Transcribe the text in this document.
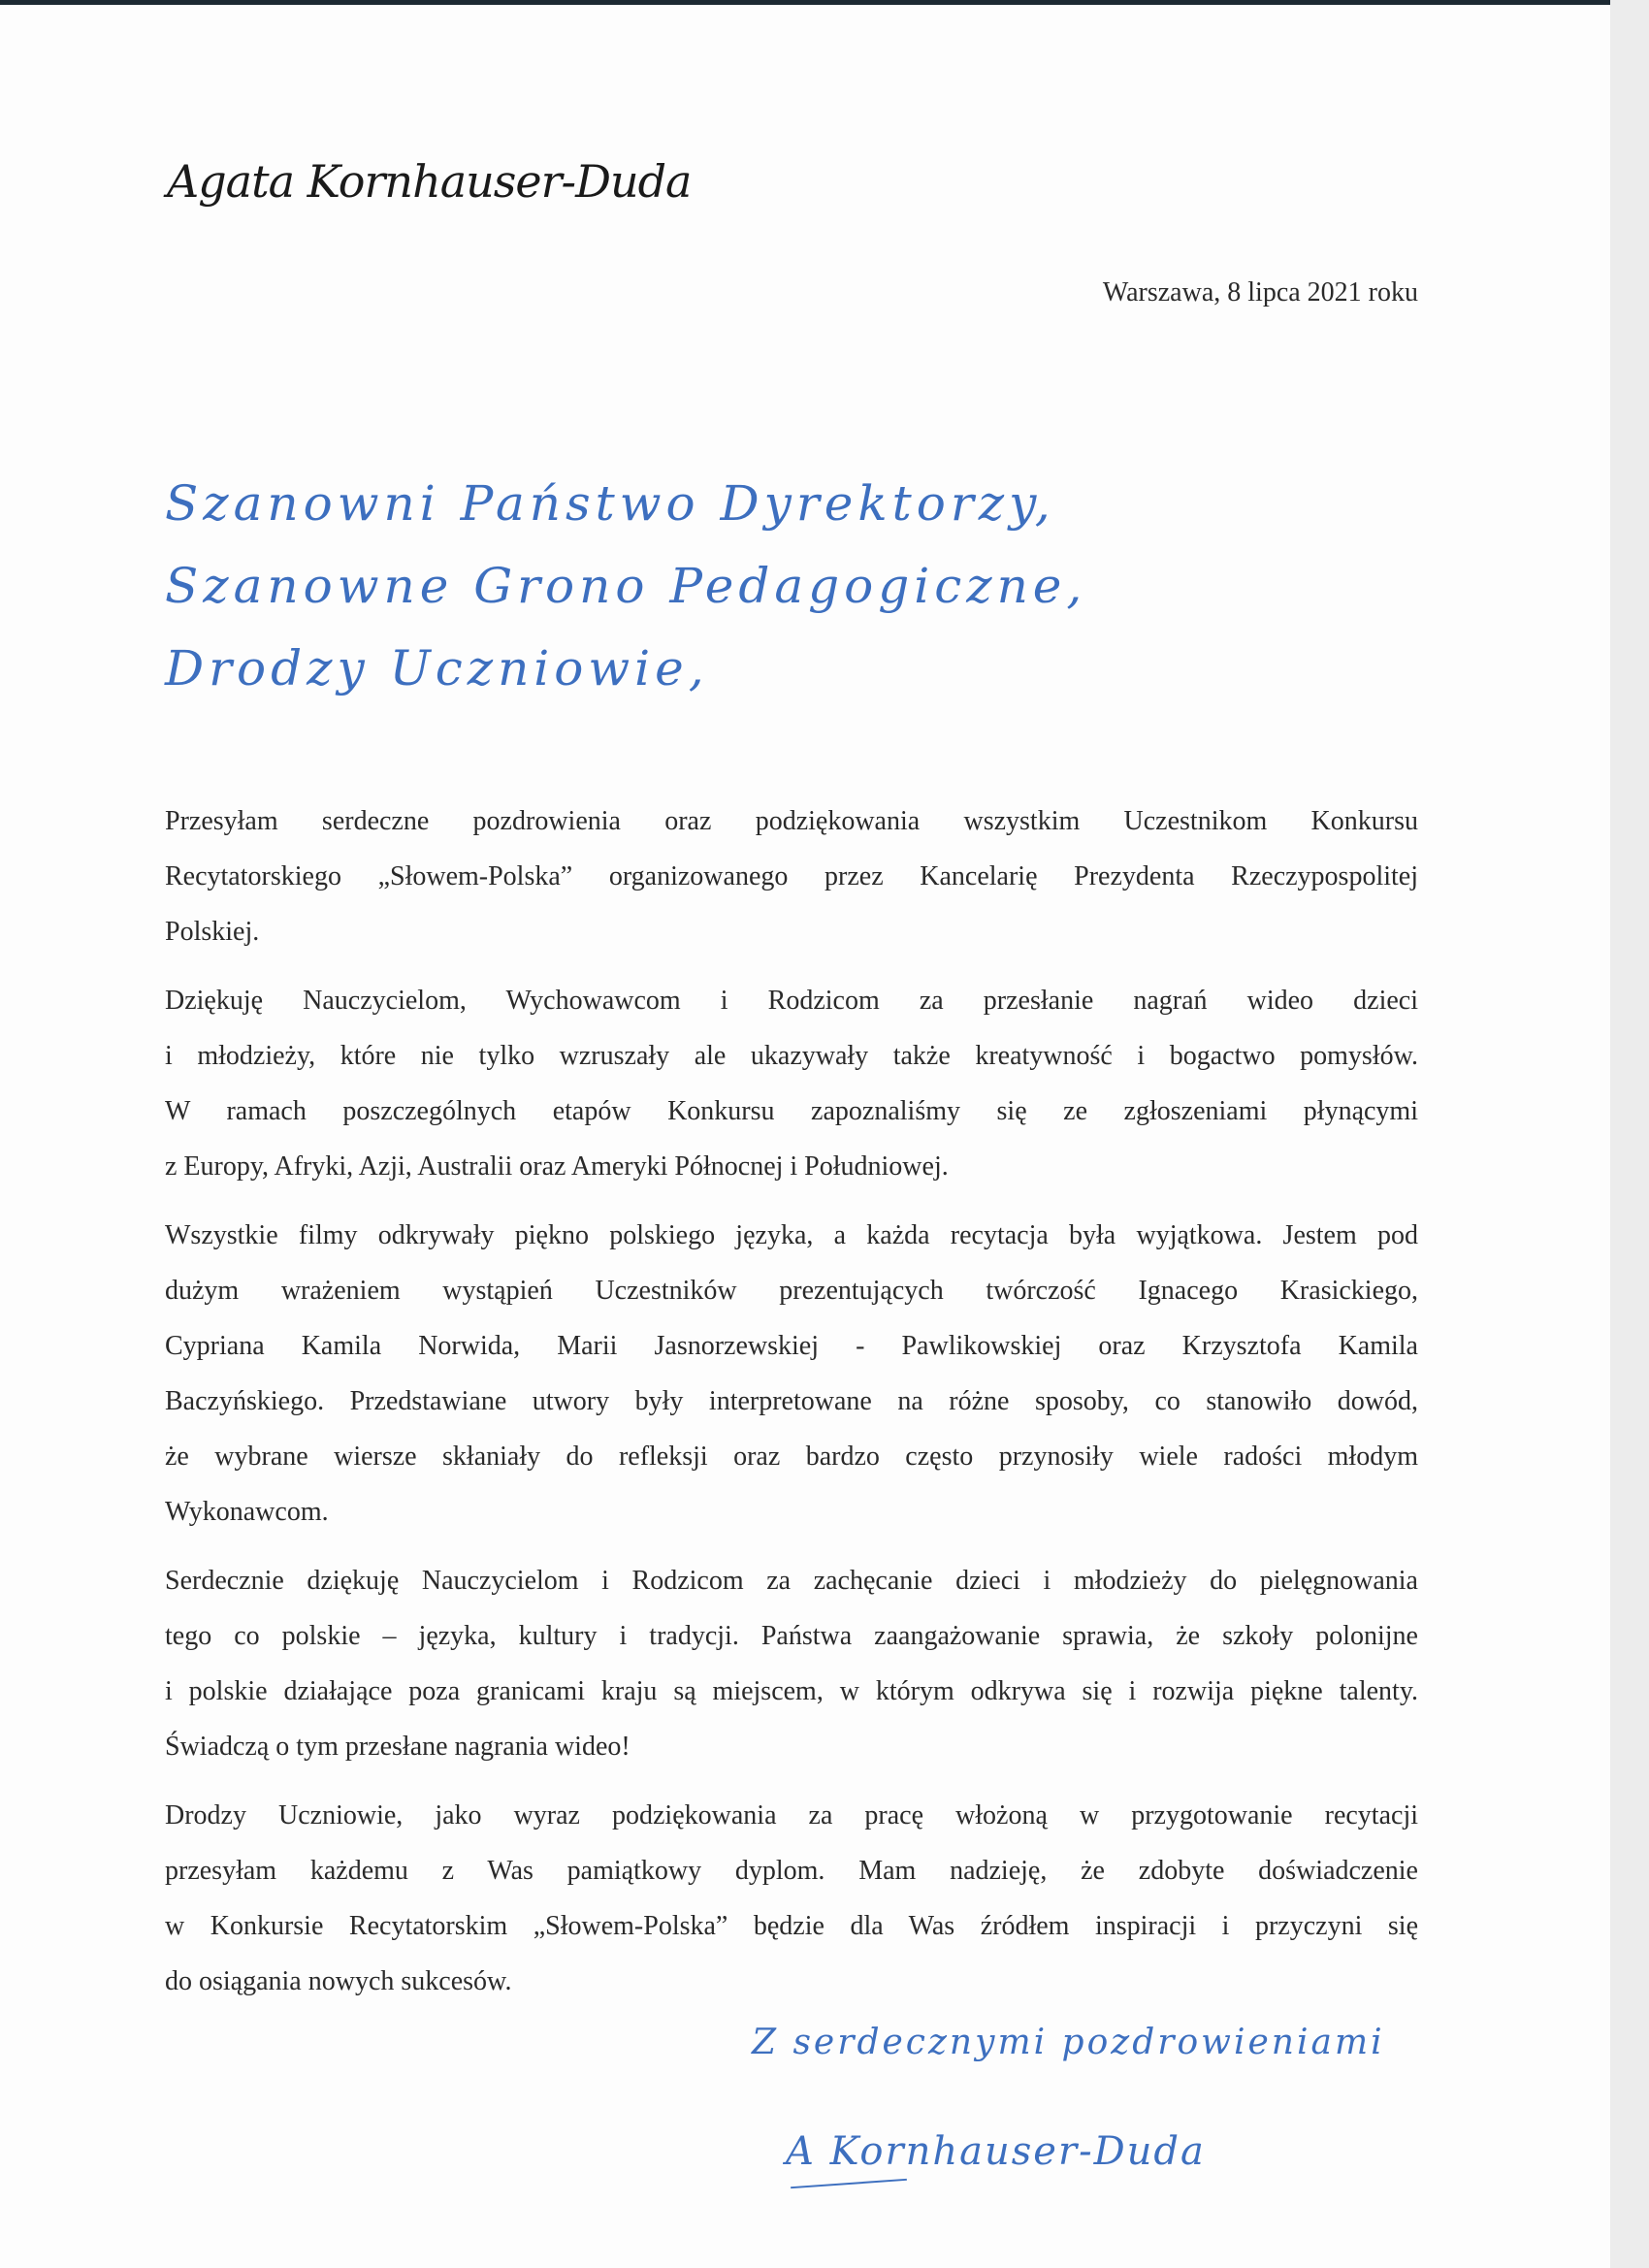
Agata Kornhauser-Duda
Warszawa, 8 lipca 2021 roku
Szanowni Państwo Dyrektorzy,
Szanowne Grono Pedagogiczne,
Drodzy Uczniowie,
Przesyłam serdeczne pozdrowienia oraz podziękowania wszystkim Uczestnikom Konkursu
Recytatorskiego „Słowem-Polska” organizowanego przez Kancelarię Prezydenta Rzeczypospolitej
Polskiej.
Dziękuję Nauczycielom, Wychowawcom i Rodzicom za przesłanie nagrań wideo dzieci
i młodzieży, które nie tylko wzruszały ale ukazywały także kreatywność i bogactwo pomysłów.
W ramach poszczególnych etapów Konkursu zapoznaliśmy się ze zgłoszeniami płynącymi
z Europy, Afryki, Azji, Australii oraz Ameryki Północnej i Południowej.
Wszystkie filmy odkrywały piękno polskiego języka, a każda recytacja była wyjątkowa. Jestem pod
dużym wrażeniem wystąpień Uczestników prezentujących twórczość Ignacego Krasickiego,
Cypriana Kamila Norwida, Marii Jasnorzewskiej - Pawlikowskiej oraz Krzysztofa Kamila
Baczyńskiego. Przedstawiane utwory były interpretowane na różne sposoby, co stanowiło dowód,
że wybrane wiersze skłaniały do refleksji oraz bardzo często przynosiły wiele radości młodym
Wykonawcom.
Serdecznie dziękuję Nauczycielom i Rodzicom za zachęcanie dzieci i młodzieży do pielęgnowania
tego co polskie – języka, kultury i tradycji. Państwa zaangażowanie sprawia, że szkoły polonijne
i polskie działające poza granicami kraju są miejscem, w którym odkrywa się i rozwija piękne talenty.
Świadczą o tym przesłane nagrania wideo!
Drodzy Uczniowie, jako wyraz podziękowania za pracę włożoną w przygotowanie recytacji
przesyłam każdemu z Was pamiątkowy dyplom. Mam nadzieję, że zdobyte doświadczenie
w Konkursie Recytatorskim „Słowem-Polska” będzie dla Was źródłem inspiracji i przyczyni się
do osiągania nowych sukcesów.
Z serdecznymi pozdrowieniami
A Kornhauser-Duda
